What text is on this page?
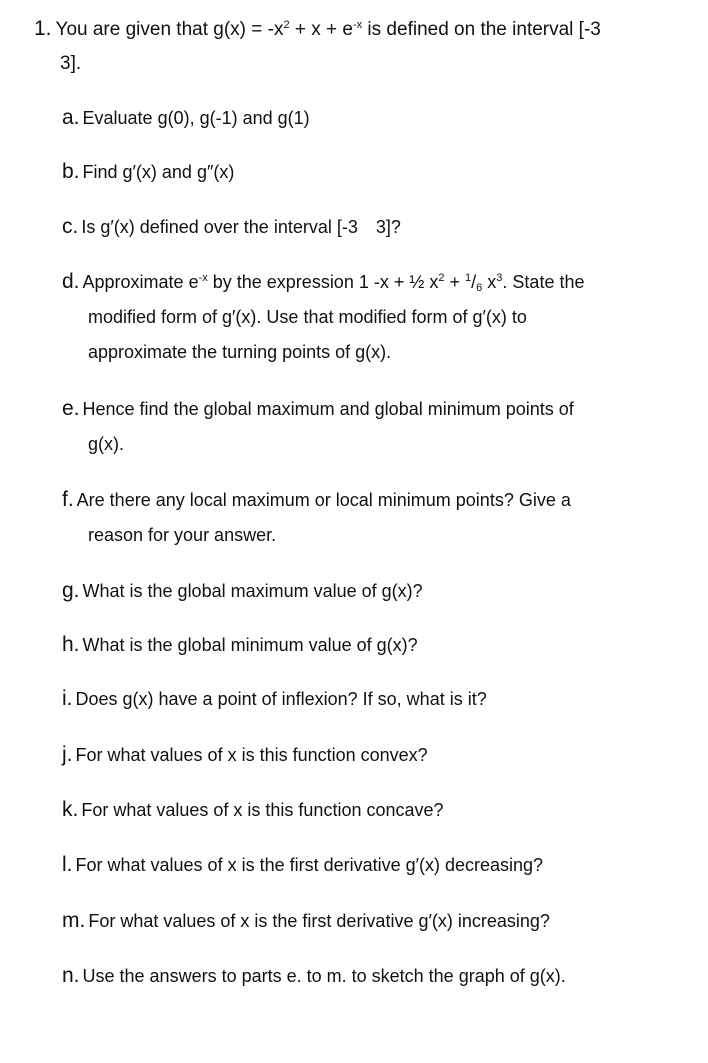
1. You are given that $g(x) = -x^2 + x + e^{-x}$ is defined on the interval [-3
3].
a. Evaluate g(0), g(-1) and g(1)
b. Find g′(x) and g″(x)
c. Is g′(x) defined over the interval [-3 3]?
d. Approximate $e^{-x}$ by the expression 1 -x + ½ $x^2 + ^1/_6$ $x^3$. State the
modified form of g′(x). Use that modified form of g′(x) to
approximate the turning points of g(x).
e. Hence find the global maximum and global minimum points of
g(x).
f. Are there any local maximum or local minimum points? Give a
reason for your answer.
g. What is the global maximum value of g(x)?
h. What is the global minimum value of g(x)?
i. Does g(x) have a point of inflexion? If so, what is it?
j. For what values of x is this function convex?
k. For what values of x is this function concave?
l. For what values of x is the first derivative g′(x) decreasing?
m. For what values of x is the first derivative g′(x) increasing?
n. Use the answers to parts e. to m. to sketch the graph of g(x).
